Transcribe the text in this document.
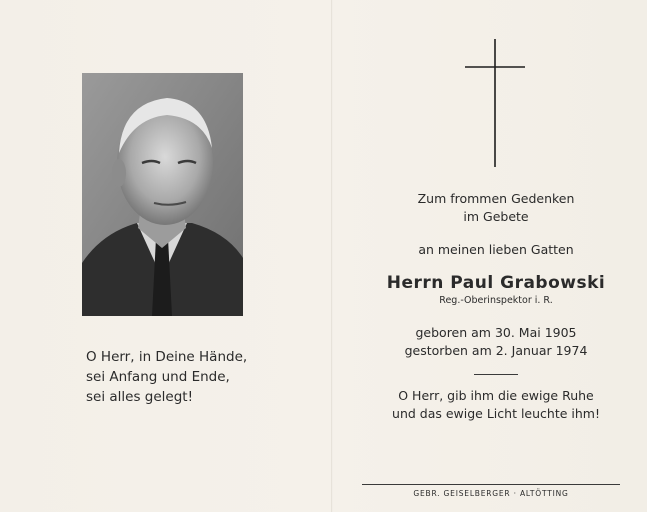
O Herr, in Deine Hände,
sei Anfang und Ende,
sei alles gelegt!
Zum frommen Gedenken
im Gebete
an meinen lieben Gatten
Herrn Paul Grabowski
Reg.-Oberinspektor i. R.
geboren am 30. Mai 1905
gestorben am 2. Januar 1974
O Herr, gib ihm die ewige Ruhe
und das ewige Licht leuchte ihm!
GEBR. GEISELBERGER · ALTÖTTING
